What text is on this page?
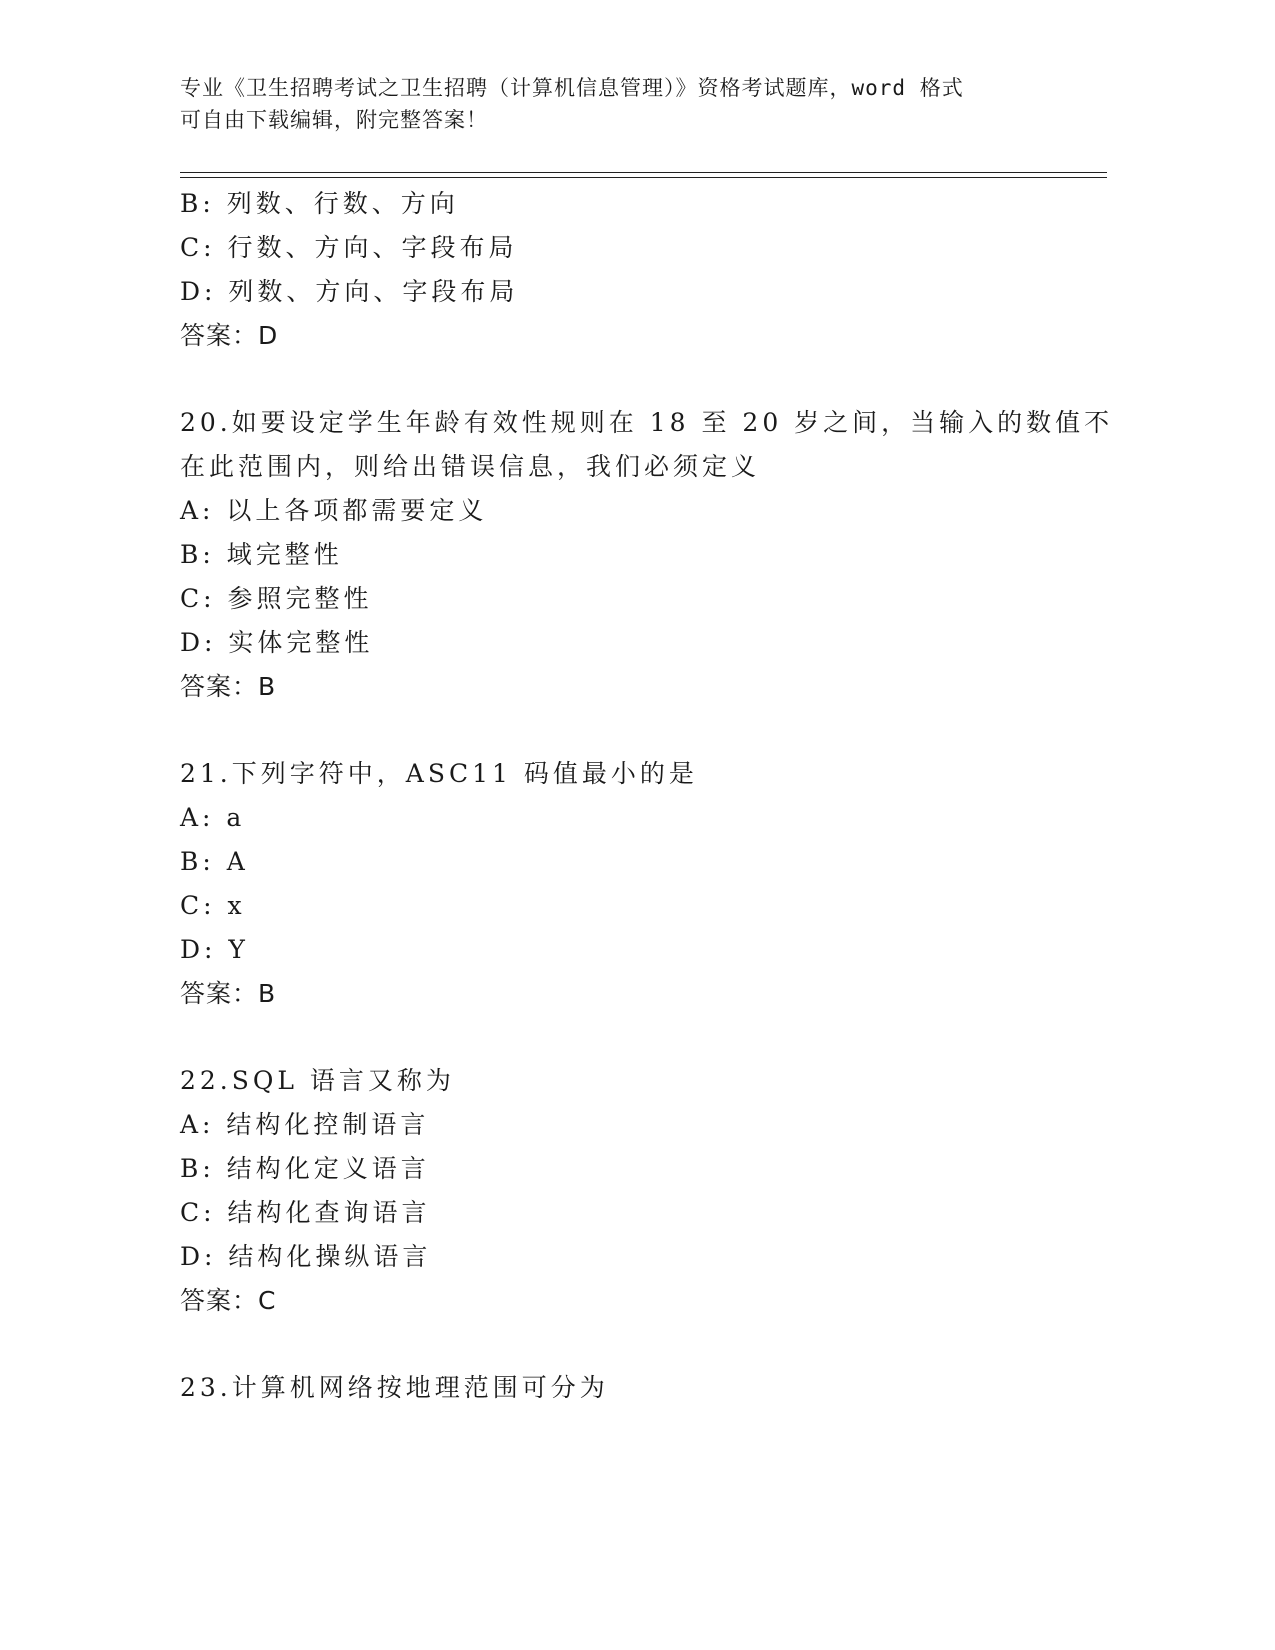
专业《卫生招聘考试之卫生招聘（计算机信息管理）》资格考试题库，word 格式
可自由下载编辑，附完整答案！
B: 列数、行数、方向
C: 行数、方向、字段布局
D: 列数、方向、字段布局
答案：D
20.如要设定学生年龄有效性规则在 18 至 20 岁之间，当输入的数值不
在此范围内，则给出错误信息，我们必须定义
A: 以上各项都需要定义
B: 域完整性
C: 参照完整性
D: 实体完整性
答案：B
21.下列字符中，ASC11 码值最小的是
A: a
B: A
C: x
D: Y
答案：B
22.SQL 语言又称为
A: 结构化控制语言
B: 结构化定义语言
C: 结构化查询语言
D: 结构化操纵语言
答案：C
23.计算机网络按地理范围可分为
